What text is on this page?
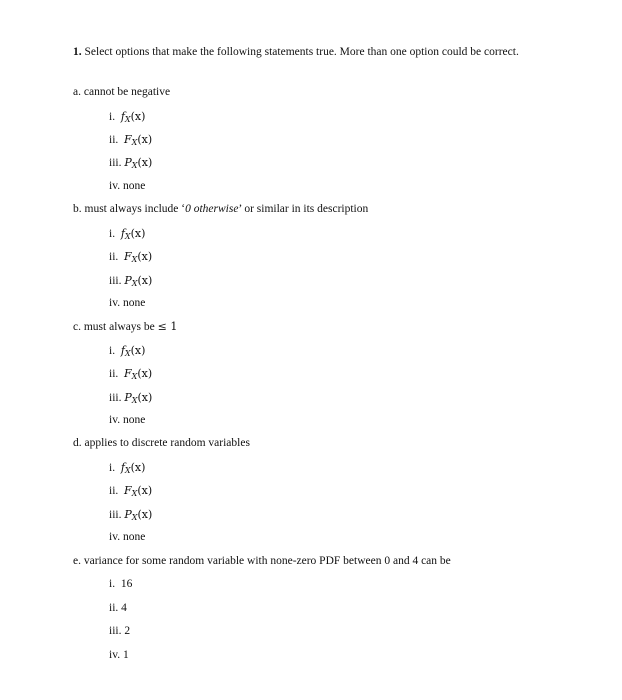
1. Select options that make the following statements true. More than one option could be correct.
a. cannot be negative
i. $f_X(x)$
ii. $F_X(x)$
iii. $P_X(x)$
iv. none
b. must always include ‘0 otherwise’ or similar in its description
i. $f_X(x)$
ii. $F_X(x)$
iii. $P_X(x)$
iv. none
c. must always be ≤ 1
i. $f_X(x)$
ii. $F_X(x)$
iii. $P_X(x)$
iv. none
d. applies to discrete random variables
i. $f_X(x)$
ii. $F_X(x)$
iii. $P_X(x)$
iv. none
e. variance for some random variable with none-zero PDF between 0 and 4 can be
i. 16
ii. 4
iii. 2
iv. 1
